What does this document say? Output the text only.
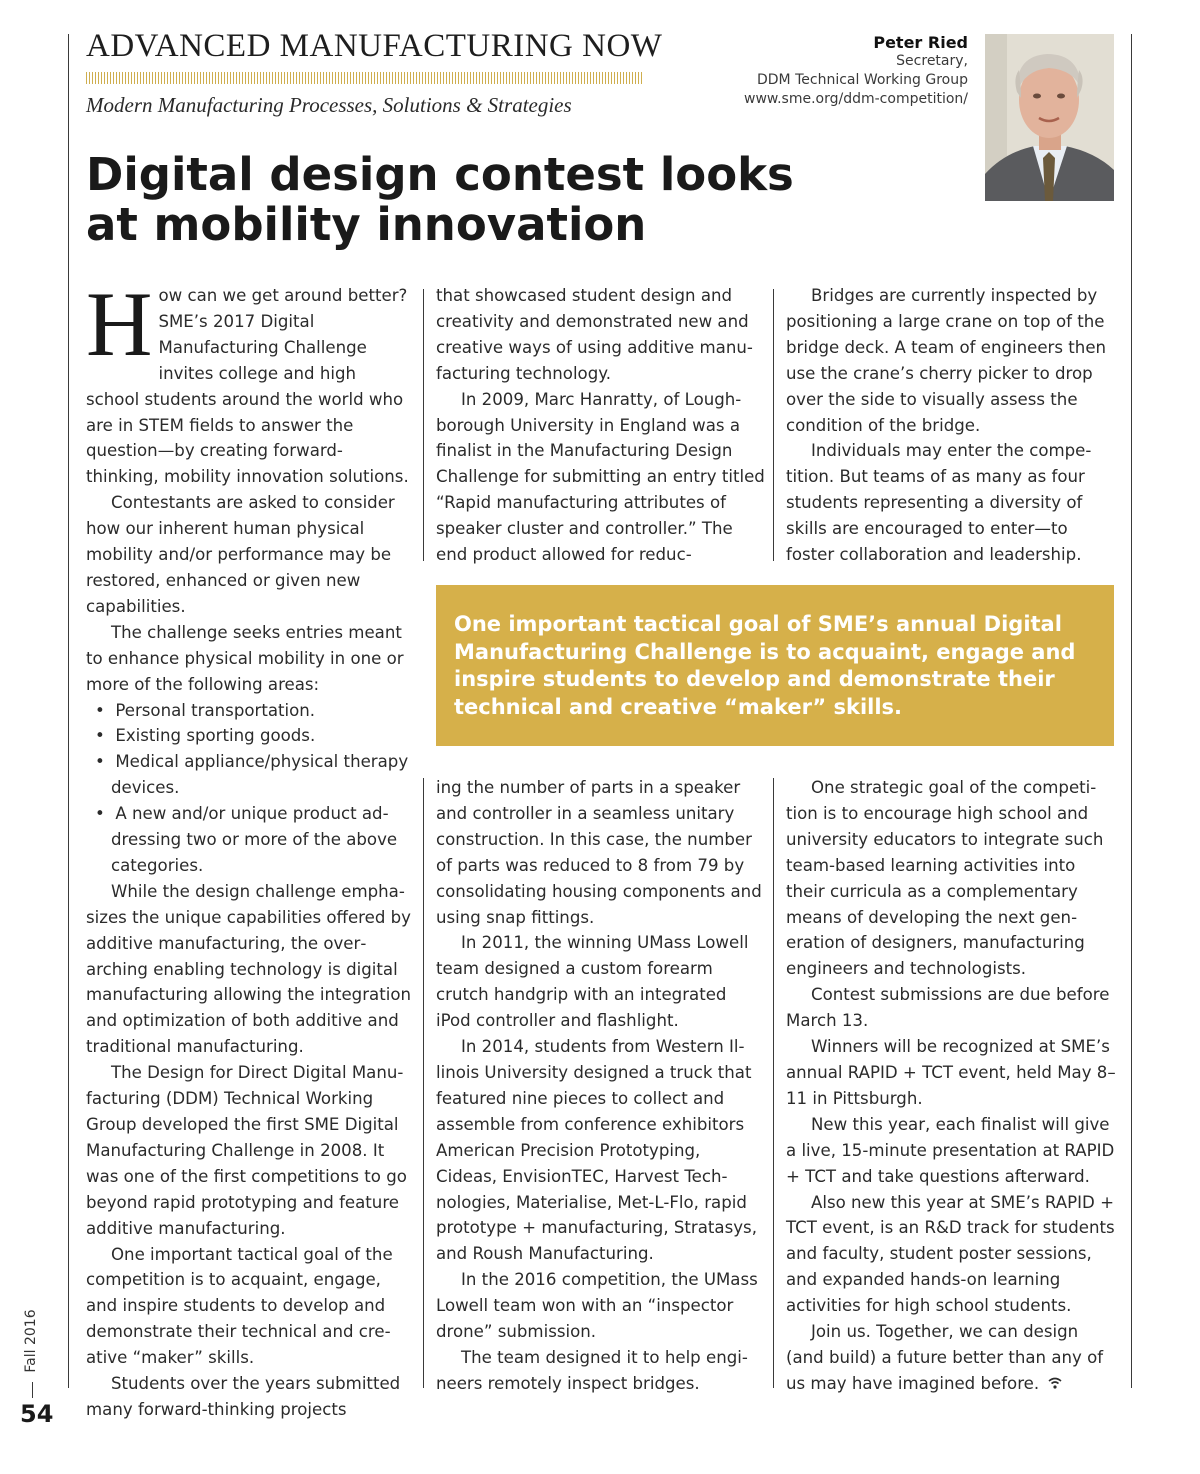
ADVANCED MANUFACTURING NOW
Modern Manufacturing Processes, Solutions & Strategies
Peter Ried
Secretary,
DDM Technical Working Group
www.sme.org/ddm-competition/
Digital design contest looks
at mobility innovation

How can we get around better? SME’s 2017 Digital Manufacturing Challenge invites college and high school students around the world who are in STEM fields to answer the question—by creating forward-thinking, mobility innovation solutions.

Contestants are asked to consider how our inherent human physical mobility and/or performance may be restored, enhanced or given new capabilities.

The challenge seeks entries meant to enhance physical mobility in one or more of the following areas:

•  Personal transportation.
•  Existing sporting goods.
•  Medical appliance/physical therapy devices.
•  A new and/or unique product addressing two or more of the above categories.

While the design challenge emphasizes the unique capabilities offered by additive manufacturing, the overarching enabling technology is digital manufacturing allowing the integration and optimization of both additive and traditional manufacturing.

The Design for Direct Digital Manufacturing (DDM) Technical Working Group developed the first SME Digital Manufacturing Challenge in 2008. It was one of the first competitions to go beyond rapid prototyping and feature additive manufacturing.

One important tactical goal of the competition is to acquaint, engage, and inspire students to develop and demonstrate their technical and creative “maker” skills.

Students over the years submitted many forward-thinking projects

that showcased student design and creativity and demonstrated new and creative ways of using additive manufacturing technology.

In 2009, Marc Hanratty, of Loughborough University in England was a finalist in the Manufacturing Design Challenge for submitting an entry titled “Rapid manufacturing attributes of speaker cluster and controller.” The end product allowed for reduc-

Bridges are currently inspected by positioning a large crane on top of the bridge deck. A team of engineers then use the crane’s cherry picker to drop over the side to visually assess the condition of the bridge.

Individuals may enter the competition. But teams of as many as four students representing a diversity of skills are encouraged to enter—to foster collaboration and leadership.

One important tactical goal of SME’s annual Digital Manufacturing Challenge is to acquaint, engage and inspire students to develop and demonstrate their technical and creative “maker” skills.

ing the number of parts in a speaker and controller in a seamless unitary construction. In this case, the number of parts was reduced to 8 from 79 by consolidating housing components and using snap fittings.

In 2011, the winning UMass Lowell team designed a custom forearm crutch handgrip with an integrated iPod controller and flashlight.

In 2014, students from Western Illinois University designed a truck that featured nine pieces to collect and assemble from conference exhibitors American Precision Prototyping, Cideas, EnvisionTEC, Harvest Technologies, Materialise, Met-L-Flo, rapid prototype + manufacturing, Stratasys, and Roush Manufacturing.

In the 2016 competition, the UMass Lowell team won with an “inspector drone” submission.

The team designed it to help engineers remotely inspect bridges.

One strategic goal of the competition is to encourage high school and university educators to integrate such team-based learning activities into their curricula as a complementary means of developing the next generation of designers, manufacturing engineers and technologists.

Contest submissions are due before March 13.

Winners will be recognized at SME’s annual RAPID + TCT event, held May 8–11 in Pittsburgh.

New this year, each finalist will give a live, 15-minute presentation at RAPID + TCT and take questions afterward.

Also new this year at SME’s RAPID + TCT event, is an R&D track for students and faculty, student poster sessions, and expanded hands-on learning activities for high school students.

Join us. Together, we can design (and build) a future better than any of us may have imagined before.

Fall 2016
54
